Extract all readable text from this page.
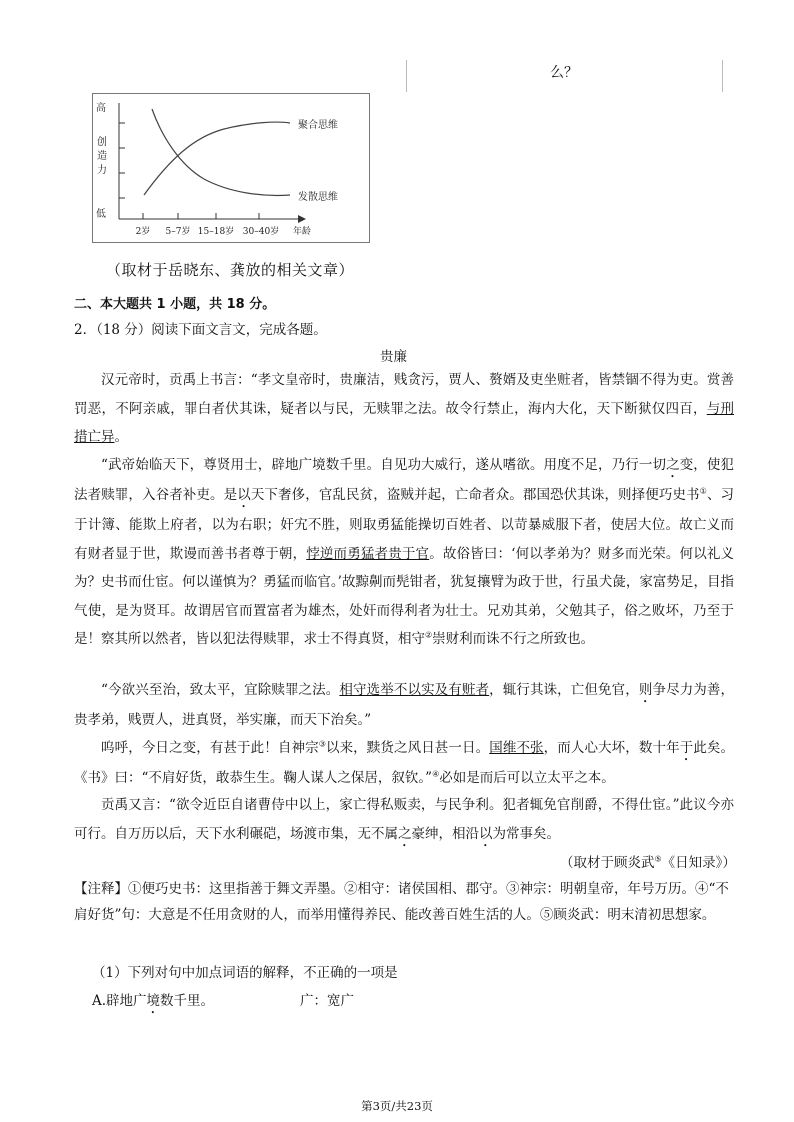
么？
高
低
创 造 力
2岁 5–7岁 15–18岁 30–40岁 年龄
聚合思维
发散思维
（取材于岳晓东、龚放的相关文章）
二、本大题共 1 小题，共 18 分。
2．（18 分）阅读下面文言文，完成各题。
贵廉
汉元帝时，贡禹上书言：“孝文皇帝时，贵廉洁，贱贪污，贾人、赘婿及吏坐赃者，皆禁锢不得为吏。赏善罚恶，不阿亲戚，罪白者伏其诛，疑者以与民，无赎罪之法。故令行禁止，海内大化，天下断狱仅四百，与刑措亡异。
“武帝始临天下，尊贤用士，辟地广境数千里。自见功大威行，遂从嗜欲。用度不足，乃行一切之变，使犯法者赎罪，入谷者补吏。是以天下奢侈，官乱民贫，盗贼并起，亡命者众。郡国恐伏其诛，则择便巧史书①、习于计簿、能欺上府者，以为右职；奸宄不胜，则取勇猛能操切百姓者、以苛暴威服下者，使居大位。故亡义而有财者显于世，欺谩而善书者尊于朝，悖逆而勇猛者贵于官。故俗皆曰：‘何以孝弟为？财多而光荣。何以礼义为？史书而仕宦。何以谨慎为？勇猛而临官。’故黥劓而髡钳者，犹复攘臂为政于世，行虽犬彘，家富势足，目指气使，是为贤耳。故谓居官而置富者为雄杰，处奸而得利者为壮士。兄劝其弟，父勉其子，俗之败坏，乃至于是！察其所以然者，皆以犯法得赎罪，求士不得真贤，相守②崇财利而诛不行之所致也。
“今欲兴至治，致太平，宜除赎罪之法。相守选举不以实及有赃者，辄行其诛，亡但免官，则争尽力为善，贵孝弟，贱贾人，进真贤，举实廉，而天下治矣。”
呜呼，今日之变，有甚于此！自神宗③以来，黩货之风日甚一日。国维不张，而人心大坏，数十年于此矣。《书》曰：“不肩好货，敢恭生生。鞠人谋人之保居，叙钦。”④必如是而后可以立太平之本。
贡禹又言：“欲令近臣自诸曹侍中以上，家亡得私贩卖，与民争利。犯者辄免官削爵，不得仕宦。”此议今亦可行。自万历以后，天下水利碾硙，场渡市集，无不属之豪绅，相沿以为常事矣。
（取材于顾炎武⑤《日知录》）
【注释】①便巧史书：这里指善于舞文弄墨。②相守：诸侯国相、郡守。③神宗：明朝皇帝，年号万历。④“不肩好货”句：大意是不任用贪财的人，而举用懂得养民、能改善百姓生活的人。⑤顾炎武：明末清初思想家。
（1）下列对句中加点词语的解释，不正确的一项是
A.辟地广境数千里。	广：宽广
第3页/共23页
